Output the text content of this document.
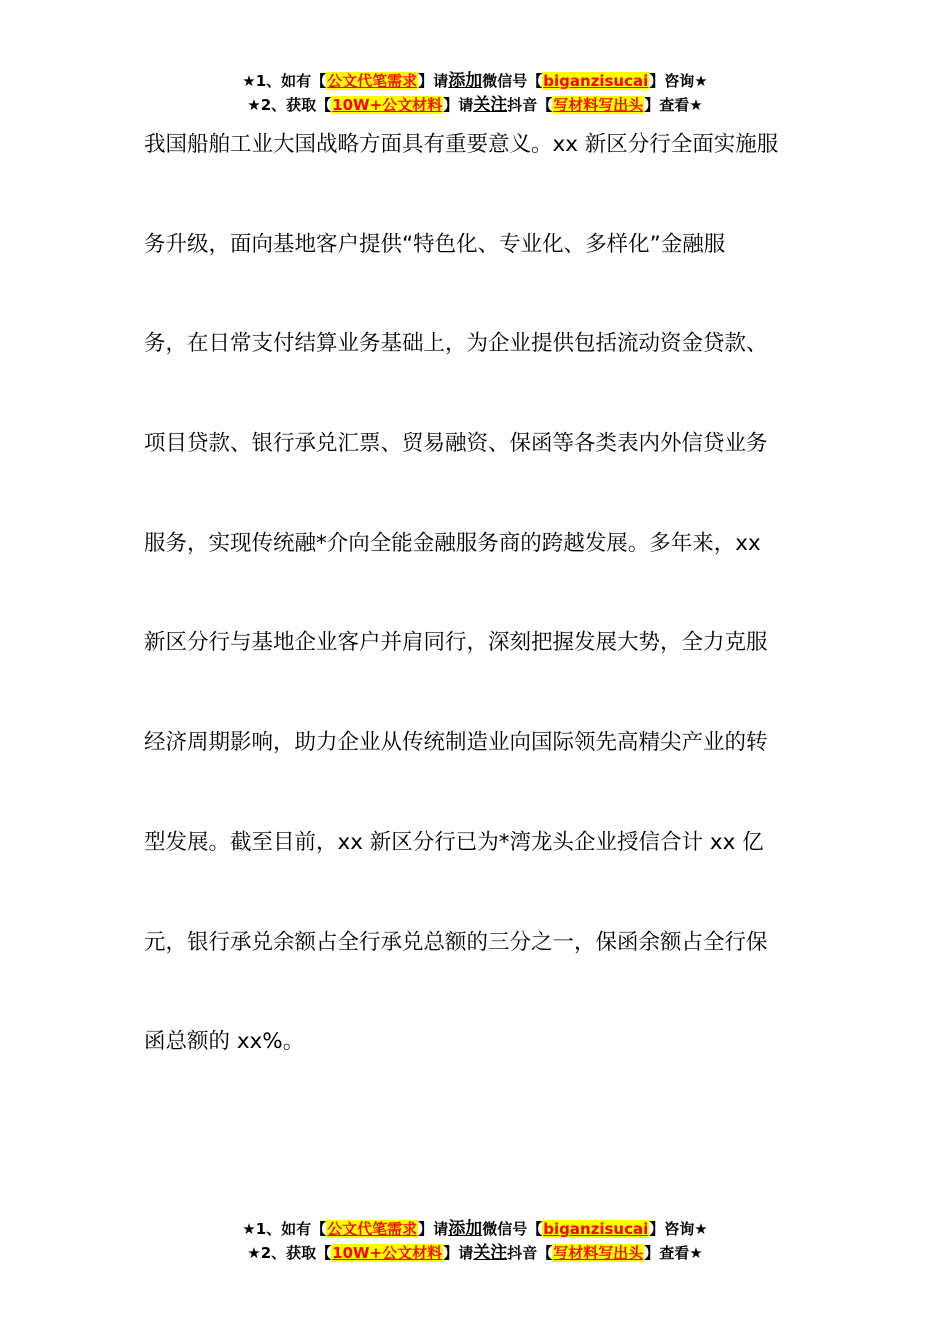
★1、如有【公文代笔需求】请添加微信号【biganzisucai】咨询★
★2、获取【10W+公文材料】请关注抖音【写材料写出头】查看★

我国船舶工业大国战略方面具有重要意义。xx 新区分行全面实施服

务升级，面向基地客户提供“特色化、专业化、多样化”金融服

务，在日常支付结算业务基础上，为企业提供包括流动资金贷款、

项目贷款、银行承兑汇票、贸易融资、保函等各类表内外信贷业务

服务，实现传统融*介向全能金融服务商的跨越发展。多年来，xx

新区分行与基地企业客户并肩同行，深刻把握发展大势，全力克服

经济周期影响，助力企业从传统制造业向国际领先高精尖产业的转

型发展。截至目前，xx 新区分行已为*湾龙头企业授信合计 xx 亿

元，银行承兑余额占全行承兑总额的三分之一，保函余额占全行保

函总额的 xx%。

★1、如有【公文代笔需求】请添加微信号【biganzisucai】咨询★
★2、获取【10W+公文材料】请关注抖音【写材料写出头】查看★
